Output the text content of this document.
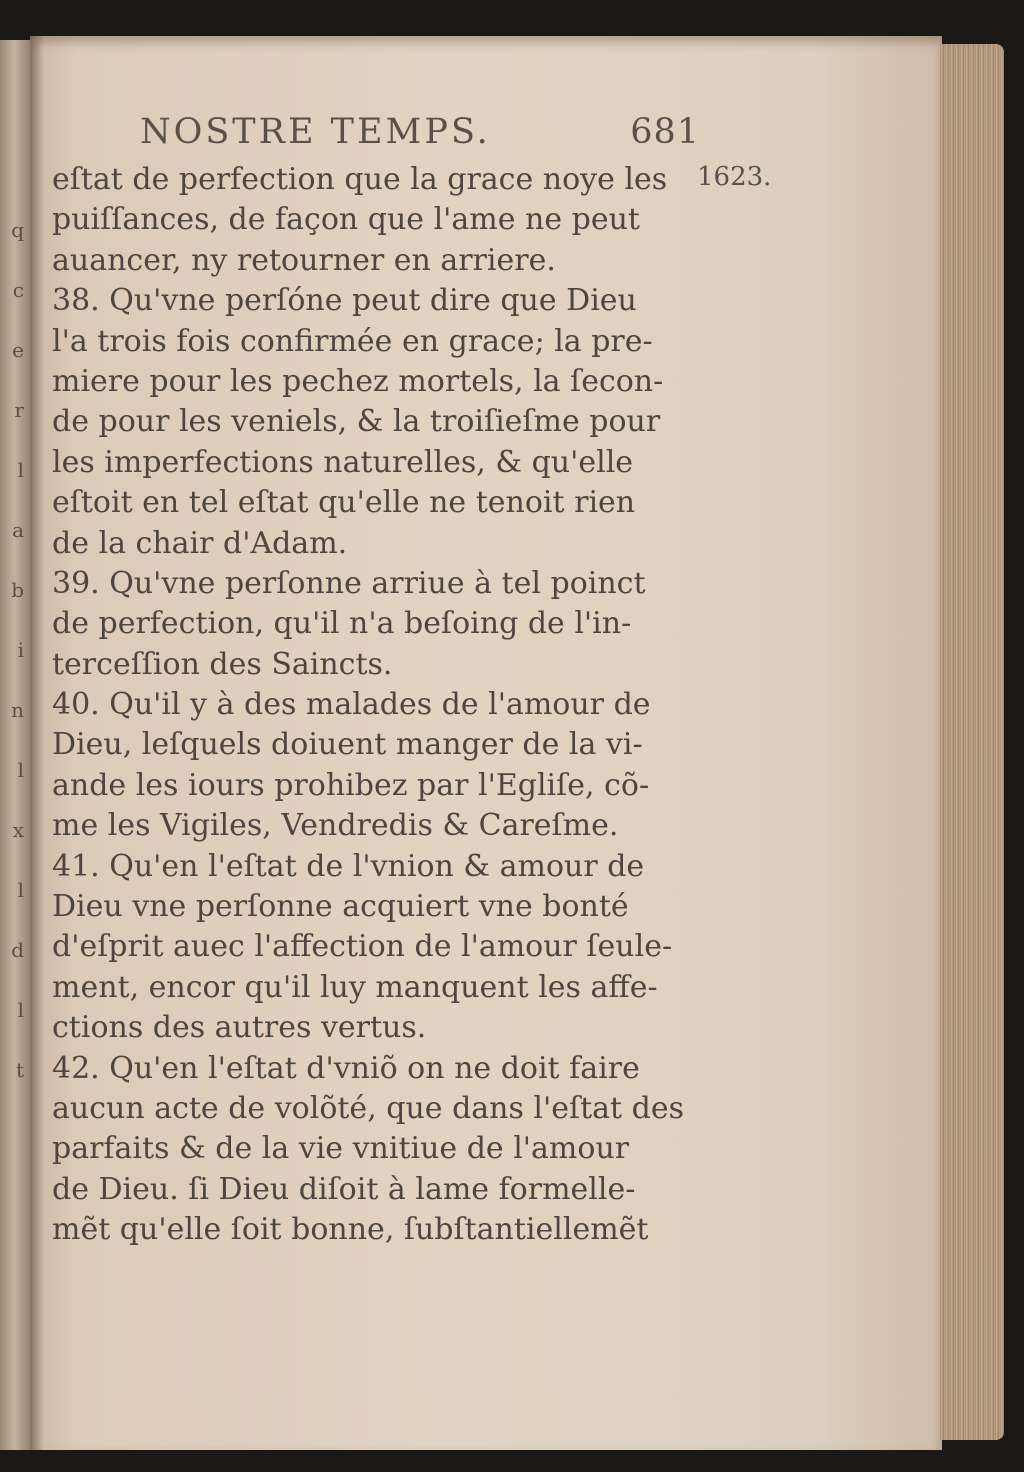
q
c
e
r
l
a
b
i
n
l
x
l
d
l
t
NOSTRE TEMPS.	681
1623.
eſtat de perfection que la grace noye les
puiſſances, de façon que l'ame ne peut
auancer, ny retourner en arriere.
38. Qu'vne perſóne peut dire que Dieu
l'a trois fois confirmée en grace; la pre-
miere pour les pechez mortels, la ſecon-
de pour les veniels, & la troiſieſme pour
les imperfections naturelles, & qu'elle
eſtoit en tel eſtat qu'elle ne tenoit rien
de la chair d'Adam.
39. Qu'vne perſonne arriue à tel poinct
de perfection, qu'il n'a beſoing de l'in-
terceſſion des Saincts.
40. Qu'il y à des malades de l'amour de
Dieu, leſquels doiuent manger de la vi-
ande les iours prohibez par l'Egliſe, cõ-
me les Vigiles, Vendredis & Careſme.
41. Qu'en l'eſtat de l'vnion & amour de
Dieu vne perſonne acquiert vne bonté
d'eſprit auec l'affection de l'amour ſeule-
ment, encor qu'il luy manquent les affe-
ctions des autres vertus.
42. Qu'en l'eſtat d'vniõ on ne doit faire
aucun acte de volõté, que dans l'eſtat des
parfaits & de la vie vnitiue de l'amour
de Dieu. ſi Dieu diſoit à lame formelle-
mẽt qu'elle ſoit bonne, ſubſtantiellemẽt
